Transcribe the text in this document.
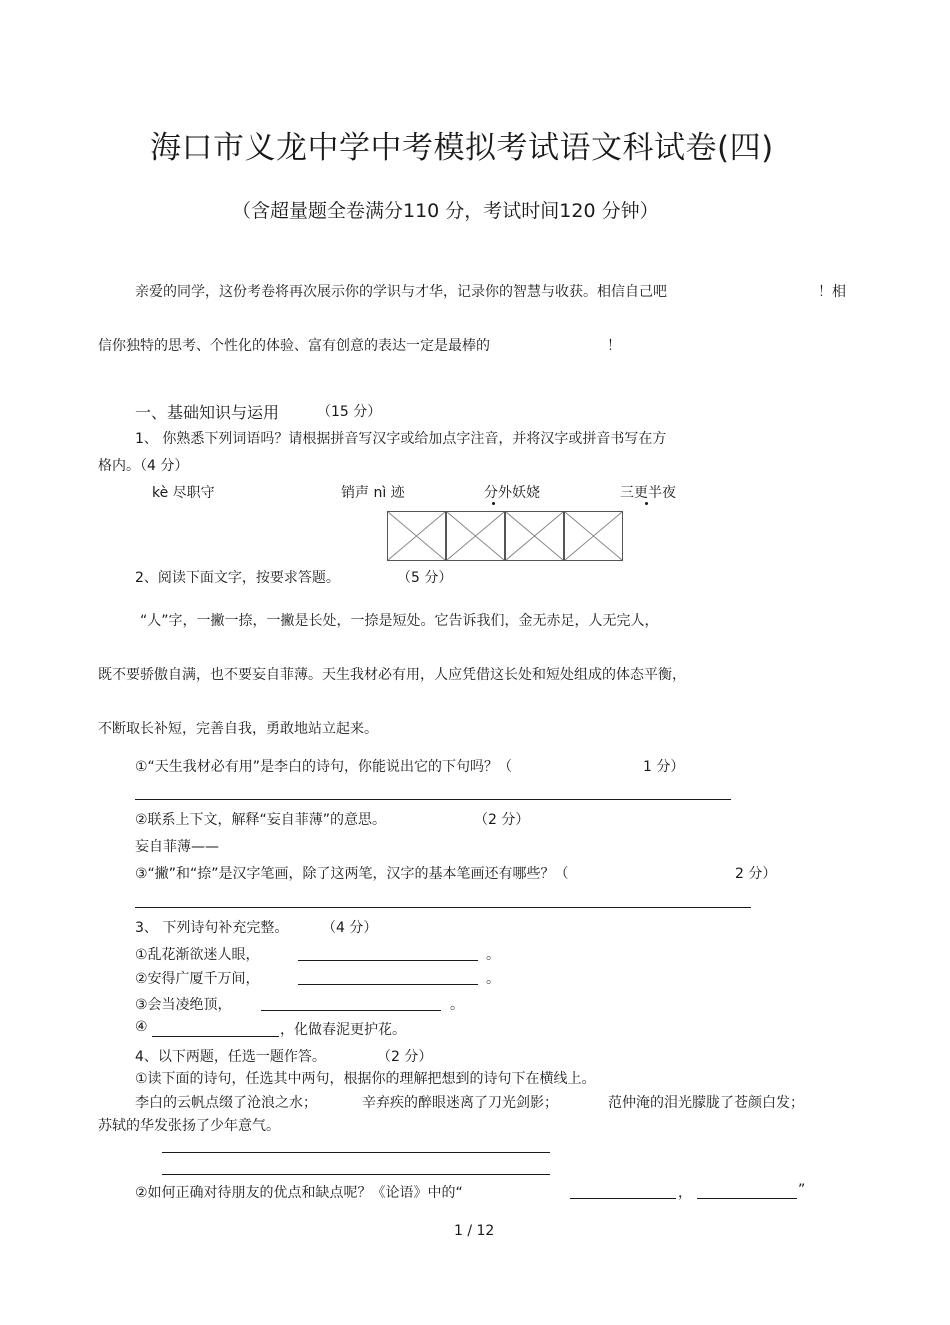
海口市义龙中学中考模拟考试语文科试卷(四)
（含超量题全卷满分110 分，考试时间120 分钟）
亲爱的同学，这份考卷将再次展示你的学识与才华，记录你的智慧与收获。相信自己吧	！相
信你独特的思考、个性化的体验、富有创意的表达一定是最棒的	！
一、基础知识与运用	（15 分）
1、 你熟悉下列词语吗？请根据拼音写汉字或给加点字注音，并将汉字或拼音书写在方
格内。（4 分）
kè 尽职守	销声 nì 迹	分外妖娆	三更半夜
2、阅读下面文字，按要求答题。	（5 分）
“人”字，一撇一捺，一撇是长处，一捺是短处。它告诉我们，金无赤足，人无完人，
既不要骄傲自满，也不要妄自菲薄。天生我材必有用，人应凭借这长处和短处组成的体态平衡，
不断取长补短，完善自我，勇敢地站立起来。
①“天生我材必有用”是李白的诗句，你能说出它的下句吗？（	1 分）
②联系上下文，解释“妄自菲薄”的意思。	（2 分）
妄自菲薄——
③“撇”和“捺”是汉字笔画，除了这两笔，汉字的基本笔画还有哪些？（	2 分）
3、 下列诗句补充完整。 （4 分）
①乱花渐欲迷人眼，	。
②安得广厦千万间，	。
③会当凌绝顶，	。
④	，化做春泥更护花。
4、以下两题，任选一题作答。	（2 分）
①读下面的诗句，任选其中两句，根据你的理解把想到的诗句下在横线上。
李白的云帆点缀了沧浪之水；	辛弃疾的醉眼迷离了刀光剑影；	范仲淹的泪光朦胧了苍颜白发；
苏轼的华发张扬了少年意气。
②如何正确对待朋友的优点和缺点呢？《论语》中的“	，	”
1 / 12
